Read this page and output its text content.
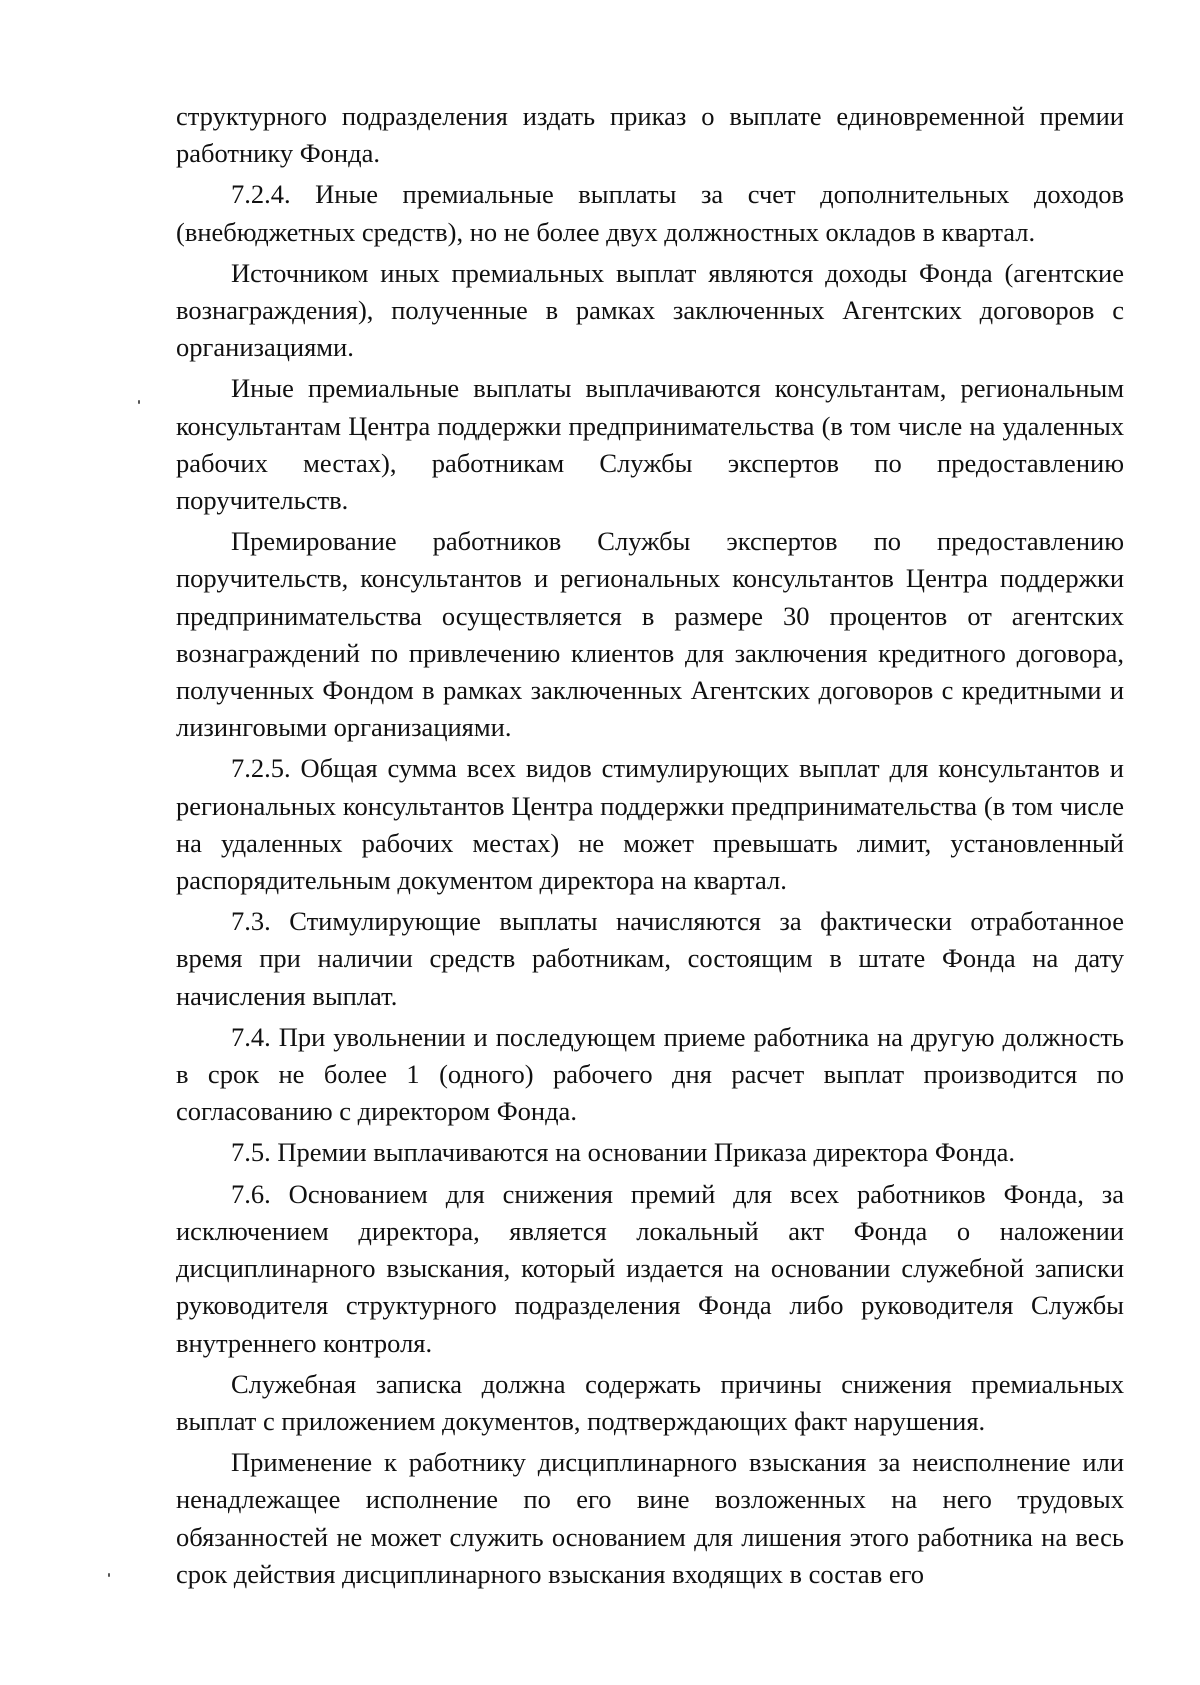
структурного подразделения издать приказ о выплате единовременной премии работнику Фонда.

7.2.4. Иные премиальные выплаты за счет дополнительных доходов (внебюджетных средств), но не более двух должностных окладов в квартал.

Источником иных премиальных выплат являются доходы Фонда (агентские вознаграждения), полученные в рамках заключенных Агентских договоров с организациями.

Иные премиальные выплаты выплачиваются консультантам, региональным консультантам Центра поддержки предпринимательства (в том числе на удаленных рабочих местах), работникам Службы экспертов по предоставлению поручительств.

Премирование работников Службы экспертов по предоставлению поручительств, консультантов и региональных консультантов Центра поддержки предпринимательства осуществляется в размере 30 процентов от агентских вознаграждений по привлечению клиентов для заключения кредитного договора, полученных Фондом в рамках заключенных Агентских договоров с кредитными и лизинговыми организациями.

7.2.5. Общая сумма всех видов стимулирующих выплат для консультантов и региональных консультантов Центра поддержки предпринимательства (в том числе на удаленных рабочих местах) не может превышать лимит, установленный распорядительным документом директора на квартал.

7.3. Стимулирующие выплаты начисляются за фактически отработанное время при наличии средств работникам, состоящим в штате Фонда на дату начисления выплат.

7.4. При увольнении и последующем приеме работника на другую должность в срок не более 1 (одного) рабочего дня расчет выплат производится по согласованию с директором Фонда.

7.5. Премии выплачиваются на основании Приказа директора Фонда.

7.6. Основанием для снижения премий для всех работников Фонда, за исключением директора, является локальный акт Фонда о наложении дисциплинарного взыскания, который издается на основании служебной записки руководителя структурного подразделения Фонда либо руководителя Службы внутреннего контроля.

Служебная записка должна содержать причины снижения премиальных выплат с приложением документов, подтверждающих факт нарушения.

Применение к работнику дисциплинарного взыскания за неисполнение или ненадлежащее исполнение по его вине возложенных на него трудовых обязанностей не может служить основанием для лишения этого работника на весь срок действия дисциплинарного взыскания входящих в состав его
